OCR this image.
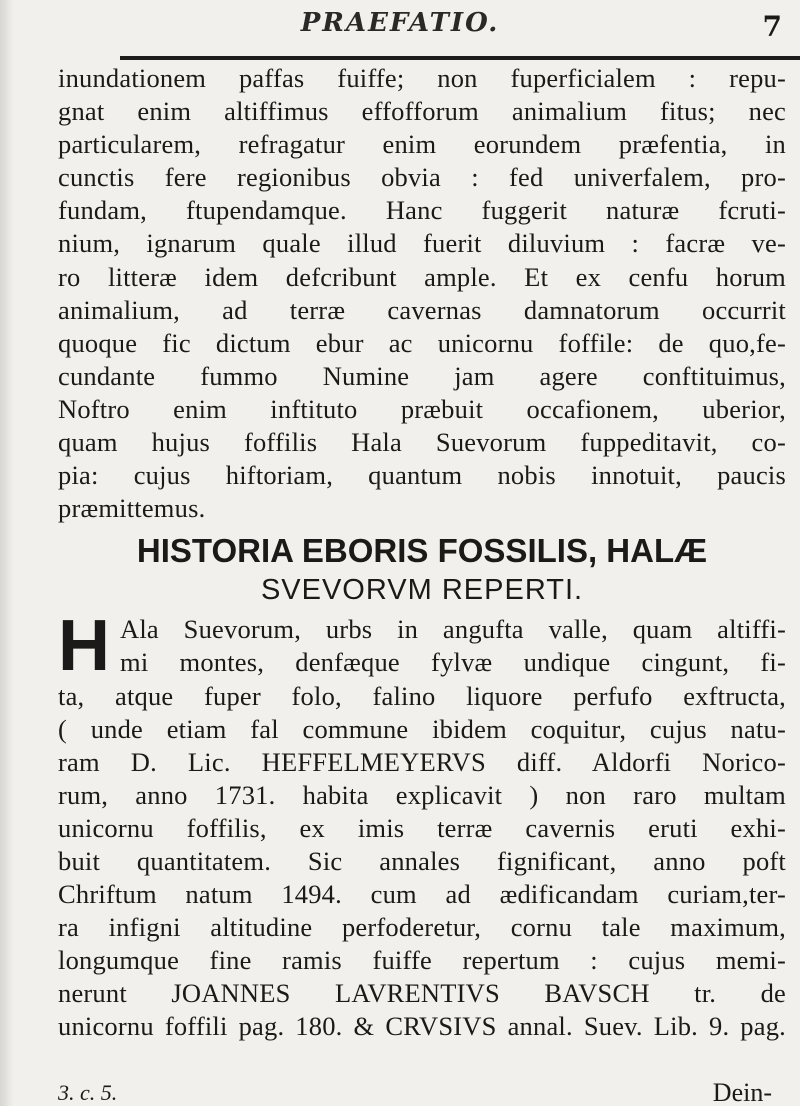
PRAEFATIO.	7
inundationem paffas fuiffe; non fuperficialem : repu-
gnat enim altiffimus effofforum animalium fitus; nec
particularem, refragatur enim eorundem præfentia, in
cunctis fere regionibus obvia : fed univerfalem, pro-
fundam, ftupendamque. Hanc fuggerit naturæ fcruti-
nium, ignarum quale illud fuerit diluvium : facræ ve-
ro litteræ idem defcribunt ample. Et ex cenfu horum
animalium, ad terræ cavernas damnatorum occurrit
quoque fic dictum ebur ac unicornu foffile: de quo,fe-
cundante fummo Numine jam agere conftituimus,
Noftro enim inftituto præbuit occafionem, uberior,
quam hujus foffilis Hala Suevorum fuppeditavit, co-
pia: cujus hiftoriam, quantum nobis innotuit, paucis
præmittemus.
HISTORIA EBORIS FOSSILIS, HALÆ
SVEVORVM REPERTI.
H Ala Suevorum, urbs in angufta valle, quam altiffi-
mi montes, denfæque fylvæ undique cingunt, fi-
ta, atque fuper folo, falino liquore perfufo exftructa,
( unde etiam fal commune ibidem coquitur, cujus natu-
ram D. Lic. HEFFELMEYERVS diff. Aldorfi Norico-
rum, anno 1731. habita explicavit ) non raro multam
unicornu foffilis, ex imis terræ cavernis eruti exhi-
buit quantitatem. Sic annales fignificant, anno poft
Chriftum natum 1494. cum ad ædificandam curiam,ter-
ra infigni altitudine perfoderetur, cornu tale maximum,
longumque fine ramis fuiffe repertum : cujus memi-
nerunt JOANNES LAVRENTIVS BAVSCH tr. de
unicornu foffili pag. 180. & CRVSIVS annal. Suev. Lib. 9. pag.
3. c. 5.	Dein-
